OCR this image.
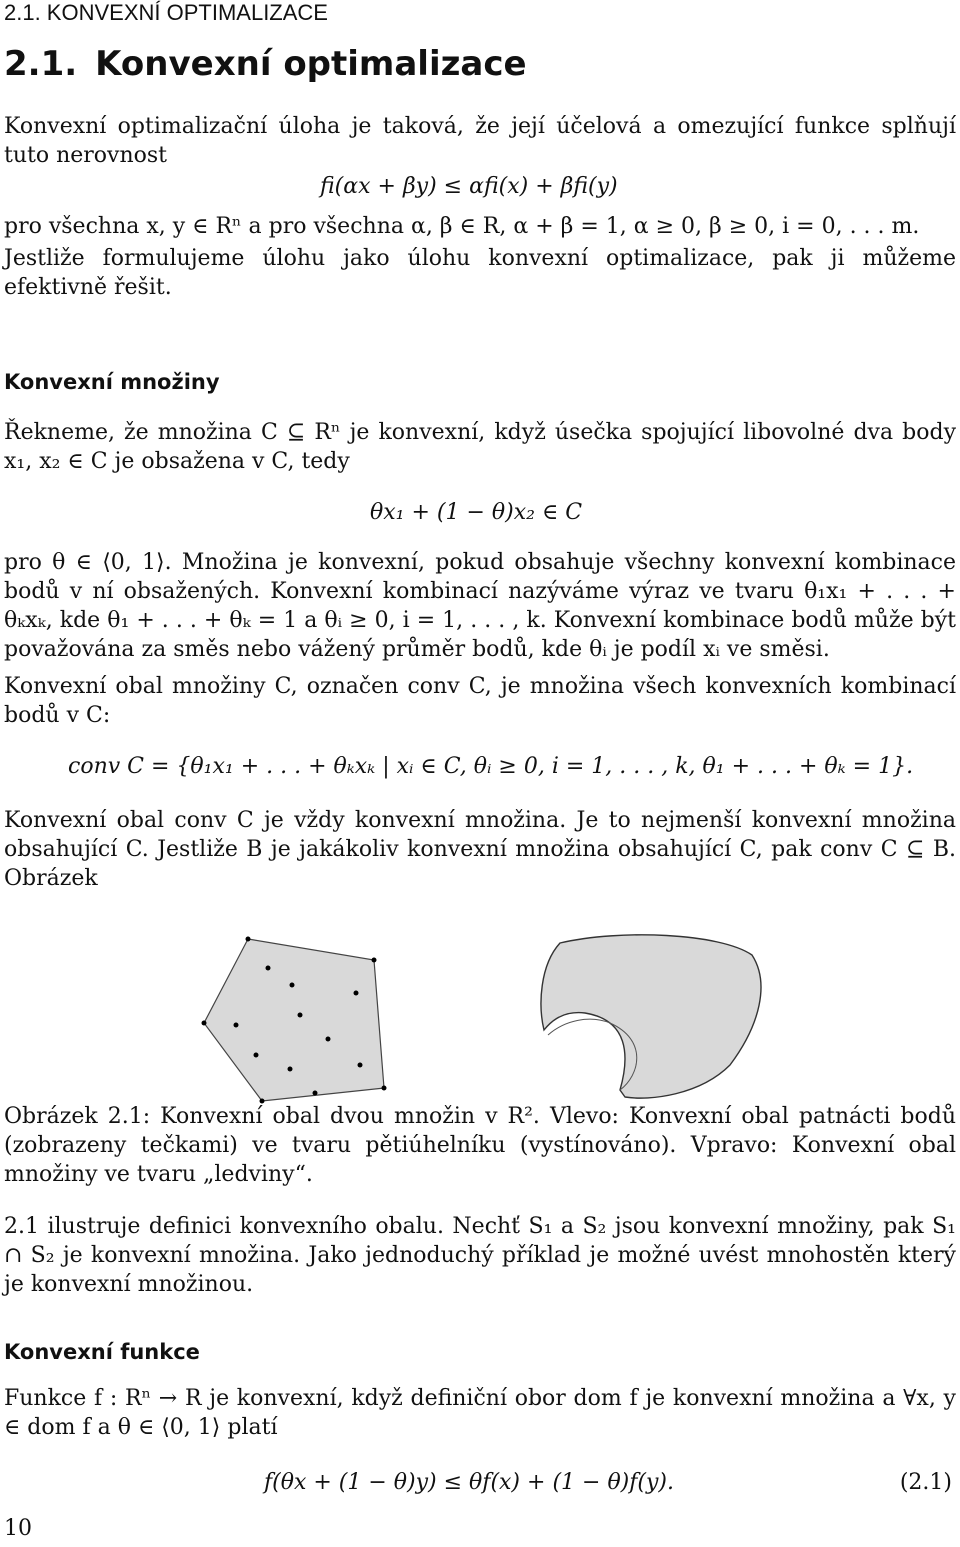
2.1. KONVEXNÍ OPTIMALIZACE
2.1. Konvexní optimalizace
Konvexní optimalizační úloha je taková, že její účelová a omezující funkce splňují tuto nerovnost
fi(αx + βy) ≤ αfi(x) + βfi(y)
pro všechna x, y ∈ Rⁿ a pro všechna α, β ∈ R, α + β = 1, α ≥ 0, β ≥ 0, i = 0, . . . m.
Jestliže formulujeme úlohu jako úlohu konvexní optimalizace, pak ji můžeme efektivně řešit.
Konvexní množiny
Řekneme, že množina C ⊆ Rⁿ je konvexní, když úsečka spojující libovolné dva body x₁, x₂ ∈ C je obsažena v C, tedy
θx₁ + (1 − θ)x₂ ∈ C
pro θ ∈ ⟨0, 1⟩. Množina je konvexní, pokud obsahuje všechny konvexní kombinace bodů v ní obsažených. Konvexní kombinací nazýváme výraz ve tvaru θ₁x₁ + . . . + θₖxₖ, kde θ₁ + . . . + θₖ = 1 a θᵢ ≥ 0, i = 1, . . . , k. Konvexní kombinace bodů může být považována za směs nebo vážený průměr bodů, kde θᵢ je podíl xᵢ ve směsi.
Konvexní obal množiny C, označen conv C, je množina všech konvexních kombinací bodů v C:
conv C = {θ₁x₁ + . . . + θₖxₖ | xᵢ ∈ C, θᵢ ≥ 0, i = 1, . . . , k, θ₁ + . . . + θₖ = 1}.
Konvexní obal conv C je vždy konvexní množina. Je to nejmenší konvexní množina obsahující C. Jestliže B je jakákoliv konvexní množina obsahující C, pak conv C ⊆ B. Obrázek
Obrázek 2.1: Konvexní obal dvou množin v R². Vlevo: Konvexní obal patnácti bodů (zobrazeny tečkami) ve tvaru pětiúhelníku (vystínováno). Vpravo: Konvexní obal množiny ve tvaru „ledviny“.
2.1 ilustruje definici konvexního obalu. Nechť S₁ a S₂ jsou konvexní množiny, pak S₁ ∩ S₂ je konvexní množina. Jako jednoduchý příklad je možné uvést mnohostěn který je konvexní množinou.
Konvexní funkce
Funkce f : Rⁿ → R je konvexní, když definiční obor dom f je konvexní množina a ∀x, y ∈ dom f a θ ∈ ⟨0, 1⟩ platí
f(θx + (1 − θ)y) ≤ θf(x) + (1 − θ)f(y).	(2.1)
10
